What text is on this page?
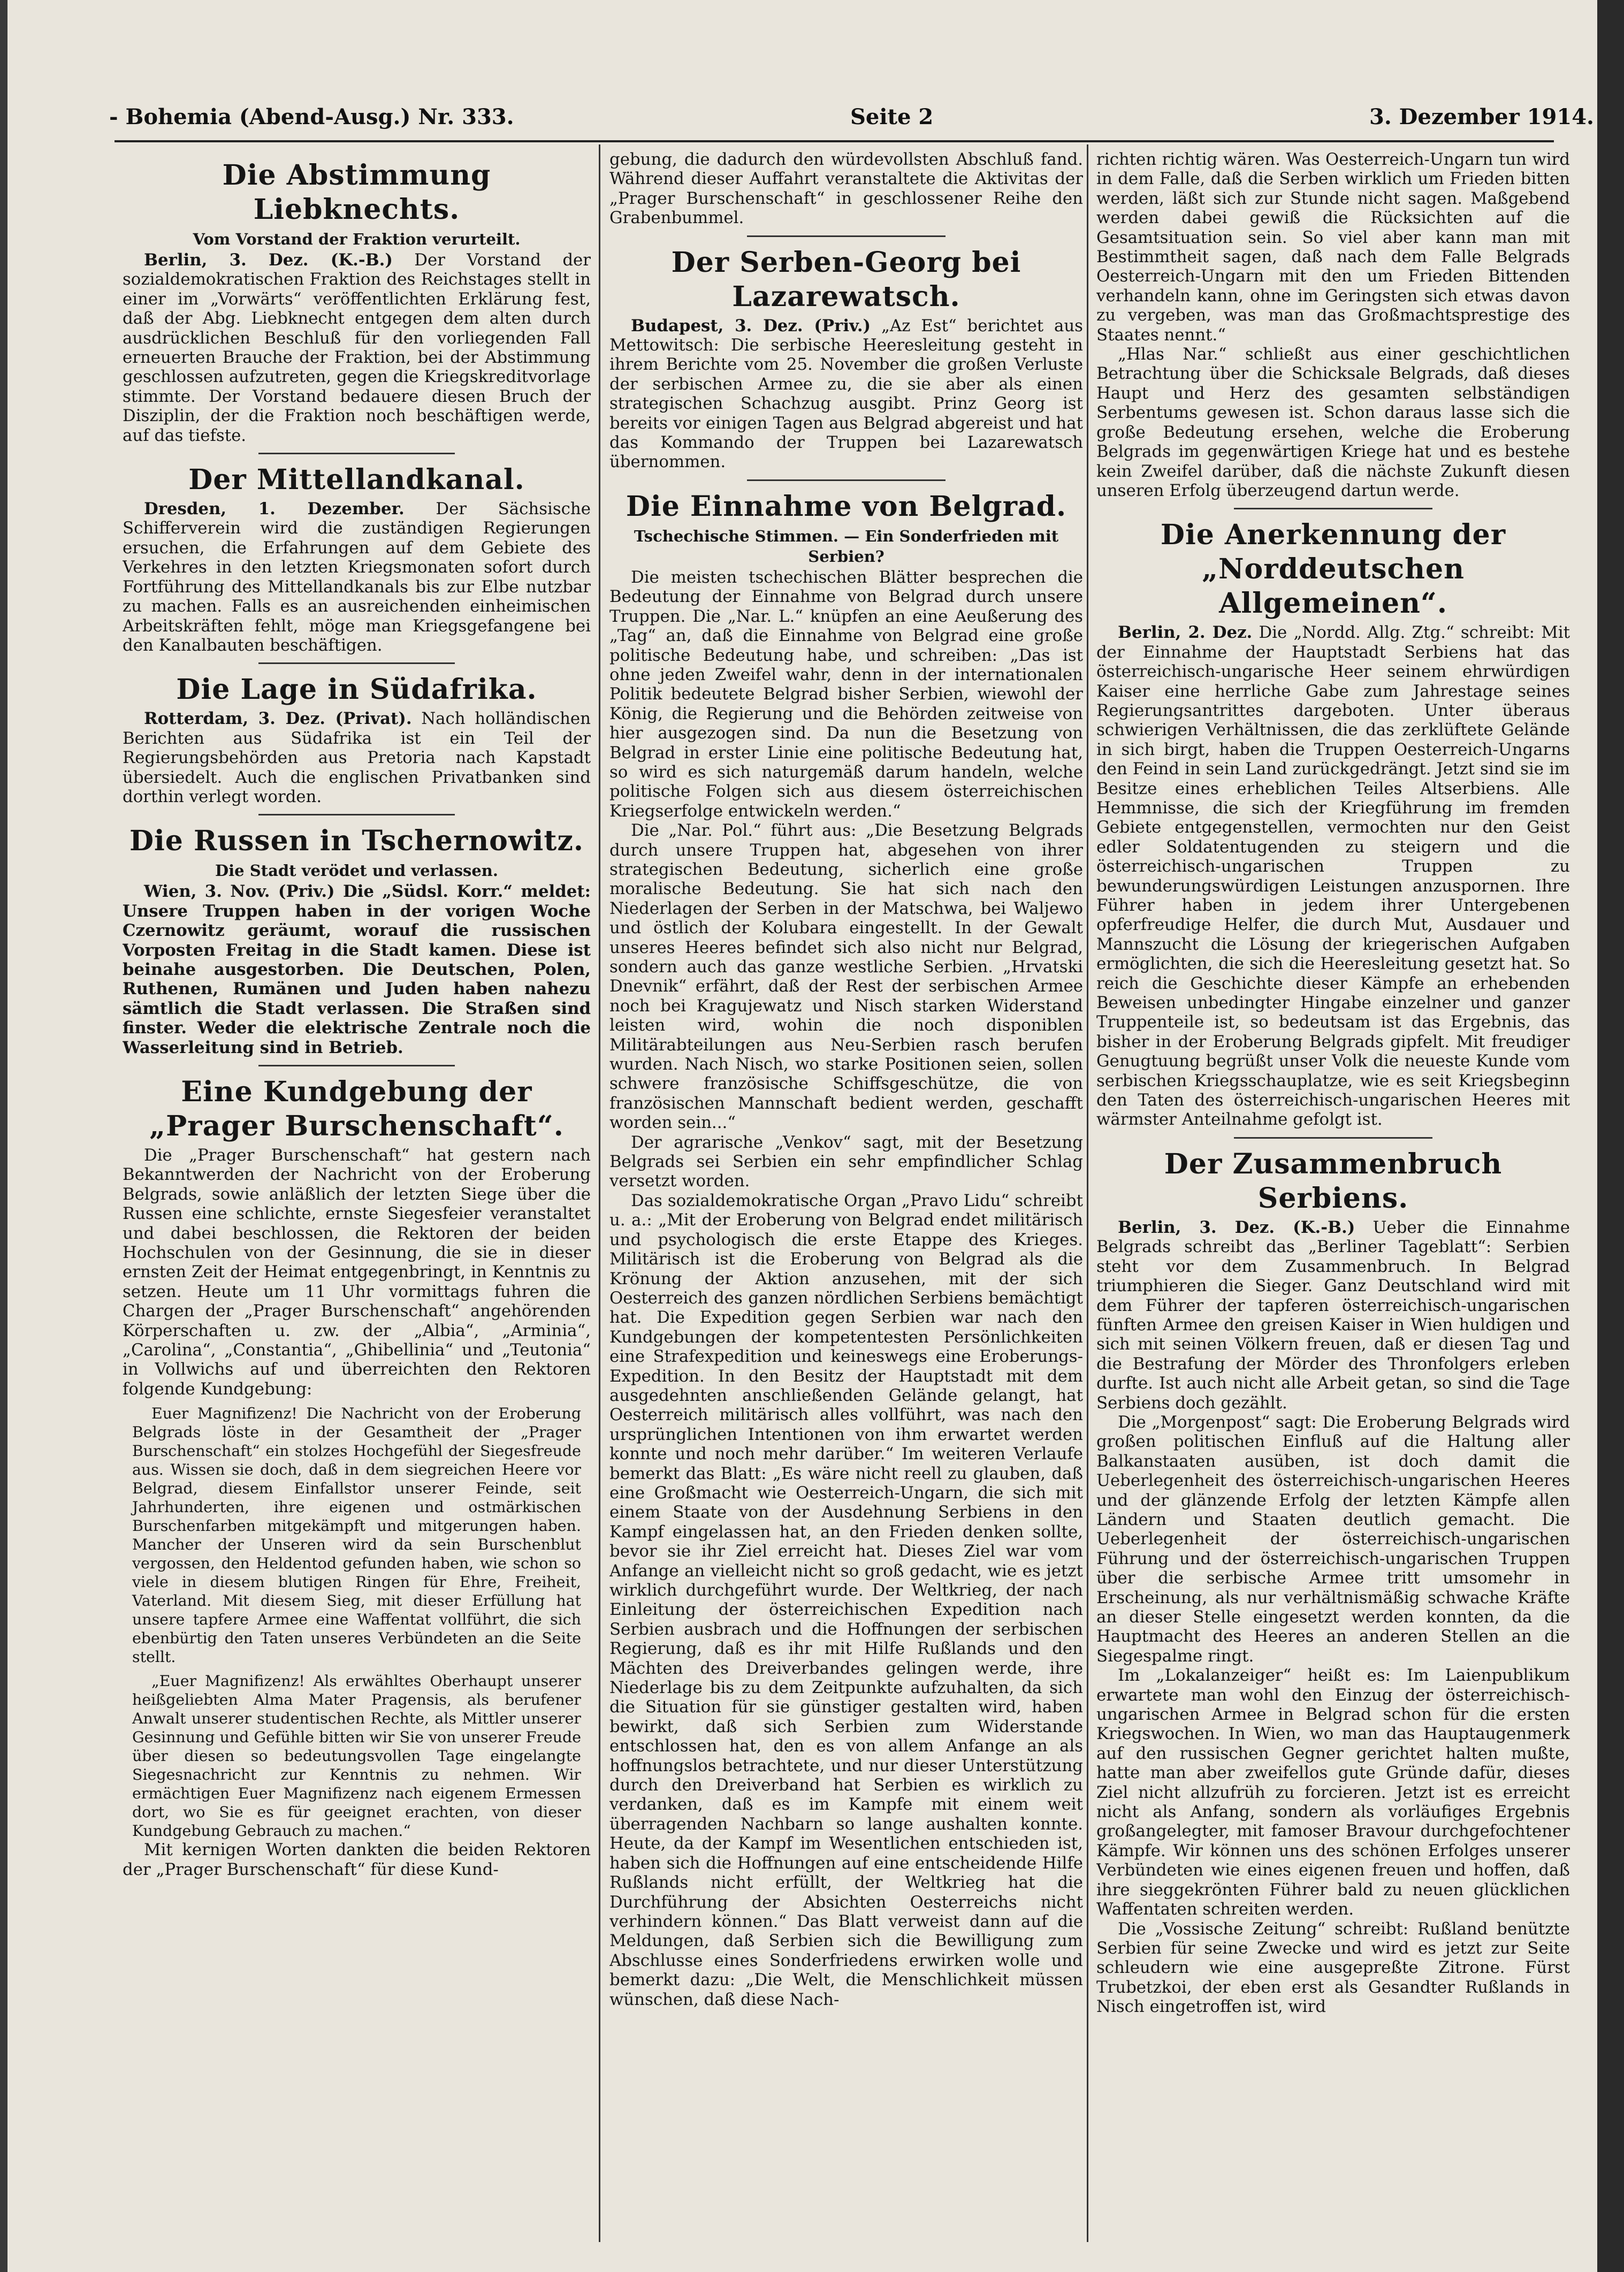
- Bohemia (Abend-Ausg.) Nr. 333.	Seite 2	3. Dezember 1914.
Die Abstimmung Liebknechts.
Vom Vorstand der Fraktion verurteilt.

Berlin, 3. Dez. (K.-B.) Der Vorstand der sozialdemokratischen Fraktion des Reichstages stellt in einer im „Vorwärts“ veröffentlichten Erklärung fest, daß der Abg. Liebknecht entgegen dem alten durch ausdrücklichen Beschluß für den vorliegenden Fall erneuerten Brauche der Fraktion, bei der Abstimmung geschlossen aufzutreten, gegen die Kriegskreditvorlage stimmte. Der Vorstand bedauere diesen Bruch der Disziplin, der die Fraktion noch beschäftigen werde, auf das tiefste.

Der Mittellandkanal.

Dresden, 1. Dezember. Der Sächsische Schifferverein wird die zuständigen Regierungen ersuchen, die Erfahrungen auf dem Gebiete des Verkehres in den letzten Kriegsmonaten sofort durch Fortführung des Mittellandkanals bis zur Elbe nutzbar zu machen. Falls es an ausreichenden einheimischen Arbeitskräften fehlt, möge man Kriegsgefangene bei den Kanalbauten beschäftigen.

Die Lage in Südafrika.

Rotterdam, 3. Dez. (Privat). Nach holländischen Berichten aus Südafrika ist ein Teil der Regierungsbehörden aus Pretoria nach Kapstadt übersiedelt. Auch die englischen Privatbanken sind dorthin verlegt worden.

Die Russen in Tschernowitz.
Die Stadt verödet und verlassen.

Wien, 3. Nov. (Priv.) Die „Südsl. Korr.“ meldet: Unsere Truppen haben in der vorigen Woche Czernowitz geräumt, worauf die russischen Vorposten Freitag in die Stadt kamen. Diese ist beinahe ausgestorben. Die Deutschen, Polen, Ruthenen, Rumänen und Juden haben nahezu sämtlich die Stadt verlassen. Die Straßen sind finster. Weder die elektrische Zentrale noch die Wasserleitung sind in Betrieb.

Eine Kundgebung der „Prager Burschenschaft“.

Die „Prager Burschenschaft“ hat gestern nach Bekanntwerden der Nachricht von der Eroberung Belgrads, sowie anläßlich der letzten Siege über die Russen eine schlichte, ernste Siegesfeier veranstaltet und dabei beschlossen, die Rektoren der beiden Hochschulen von der Gesinnung, die sie in dieser ernsten Zeit der Heimat entgegenbringt, in Kenntnis zu setzen. Heute um 11 Uhr vormittags fuhren die Chargen der „Prager Burschenschaft“ angehörenden Körperschaften u. zw. der „Albia“, „Arminia“, „Carolina“, „Constantia“, „Ghibellinia“ und „Teutonia“ in Vollwichs auf und überreichten den Rektoren folgende Kundgebung:

Euer Magnifizenz! Die Nachricht von der Eroberung Belgrads löste in der Gesamtheit der „Prager Burschenschaft“ ein stolzes Hochgefühl der Siegesfreude aus. Wissen sie doch, daß in dem siegreichen Heere vor Belgrad, diesem Einfallstor unserer Feinde, seit Jahrhunderten, ihre eigenen und ostmärkischen Burschenfarben mitgekämpft und mitgerungen haben. Mancher der Unseren wird da sein Burschenblut vergossen, den Heldentod gefunden haben, wie schon so viele in diesem blutigen Ringen für Ehre, Freiheit, Vaterland. Mit diesem Sieg, mit dieser Erfüllung hat unsere tapfere Armee eine Waffentat vollführt, die sich ebenbürtig den Taten unseres Verbündeten an die Seite stellt.

„Euer Magnifizenz! Als erwähltes Oberhaupt unserer heißgeliebten Alma Mater Pragensis, als berufener Anwalt unserer studentischen Rechte, als Mittler unserer Gesinnung und Gefühle bitten wir Sie von unserer Freude über diesen so bedeutungsvollen Tage eingelangte Siegesnachricht zur Kenntnis zu nehmen. Wir ermächtigen Euer Magnifizenz nach eigenem Ermessen dort, wo Sie es für geeignet erachten, von dieser Kundgebung Gebrauch zu machen.“

Mit kernigen Worten dankten die beiden Rektoren der „Prager Burschenschaft“ für diese Kund-

gebung, die dadurch den würdevollsten Abschluß fand. Während dieser Auffahrt veranstaltete die Aktivitas der „Prager Burschenschaft“ in geschlossener Reihe den Grabenbummel.

Der Serben-Georg bei Lazarewatsch.

Budapest, 3. Dez. (Priv.) „Az Est“ berichtet aus Mettowitsch: Die serbische Heeresleitung gesteht in ihrem Berichte vom 25. November die großen Verluste der serbischen Armee zu, die sie aber als einen strategischen Schachzug ausgibt. Prinz Georg ist bereits vor einigen Tagen aus Belgrad abgereist und hat das Kommando der Truppen bei Lazarewatsch übernommen.

Die Einnahme von Belgrad.
Tschechische Stimmen. — Ein Sonderfrieden mit Serbien?

Die meisten tschechischen Blätter besprechen die Bedeutung der Einnahme von Belgrad durch unsere Truppen. Die „Nar. L.“ knüpfen an eine Aeußerung des „Tag“ an, daß die Einnahme von Belgrad eine große politische Bedeutung habe, und schreiben: „Das ist ohne jeden Zweifel wahr, denn in der internationalen Politik bedeutete Belgrad bisher Serbien, wiewohl der König, die Regierung und die Behörden zeitweise von hier ausgezogen sind. Da nun die Besetzung von Belgrad in erster Linie eine politische Bedeutung hat, so wird es sich naturgemäß darum handeln, welche politische Folgen sich aus diesem österreichischen Kriegserfolge entwickeln werden.“

Die „Nar. Pol.“ führt aus: „Die Besetzung Belgrads durch unsere Truppen hat, abgesehen von ihrer strategischen Bedeutung, sicherlich eine große moralische Bedeutung. Sie hat sich nach den Niederlagen der Serben in der Matschwa, bei Waljewo und östlich der Kolubara eingestellt. In der Gewalt unseres Heeres befindet sich also nicht nur Belgrad, sondern auch das ganze westliche Serbien. „Hrvatski Dnevnik“ erfährt, daß der Rest der serbischen Armee noch bei Kragujewatz und Nisch starken Widerstand leisten wird, wohin die noch disponiblen Militärabteilungen aus Neu-Serbien rasch berufen wurden. Nach Nisch, wo starke Positionen seien, sollen schwere französische Schiffsgeschütze, die von französischen Mannschaft bedient werden, geschafft worden sein...“

Der agrarische „Venkov“ sagt, mit der Besetzung Belgrads sei Serbien ein sehr empfindlicher Schlag versetzt worden.

Das sozialdemokratische Organ „Pravo Lidu“ schreibt u. a.: „Mit der Eroberung von Belgrad endet militärisch und psychologisch die erste Etappe des Krieges. Militärisch ist die Eroberung von Belgrad als die Krönung der Aktion anzusehen, mit der sich Oesterreich des ganzen nördlichen Serbiens bemächtigt hat. Die Expedition gegen Serbien war nach den Kundgebungen der kompetentesten Persönlichkeiten eine Strafexpedition und keineswegs eine Eroberungs-Expedition. In den Besitz der Hauptstadt mit dem ausgedehnten anschließenden Gelände gelangt, hat Oesterreich militärisch alles vollführt, was nach den ursprünglichen Intentionen von ihm erwartet werden konnte und noch mehr darüber.“ Im weiteren Verlaufe bemerkt das Blatt: „Es wäre nicht reell zu glauben, daß eine Großmacht wie Oesterreich-Ungarn, die sich mit einem Staate von der Ausdehnung Serbiens in den Kampf eingelassen hat, an den Frieden denken sollte, bevor sie ihr Ziel erreicht hat. Dieses Ziel war vom Anfange an vielleicht nicht so groß gedacht, wie es jetzt wirklich durchgeführt wurde. Der Weltkrieg, der nach Einleitung der österreichischen Expedition nach Serbien ausbrach und die Hoffnungen der serbischen Regierung, daß es ihr mit Hilfe Rußlands und den Mächten des Dreiverbandes gelingen werde, ihre Niederlage bis zu dem Zeitpunkte aufzuhalten, da sich die Situation für sie günstiger gestalten wird, haben bewirkt, daß sich Serbien zum Widerstande entschlossen hat, den es von allem Anfange an als hoffnungslos betrachtete, und nur dieser Unterstützung durch den Dreiverband hat Serbien es wirklich zu verdanken, daß es im Kampfe mit einem weit überragenden Nachbarn so lange aushalten konnte. Heute, da der Kampf im Wesentlichen entschieden ist, haben sich die Hoffnungen auf eine entscheidende Hilfe Rußlands nicht erfüllt, der Weltkrieg hat die Durchführung der Absichten Oesterreichs nicht verhindern können.“ Das Blatt verweist dann auf die Meldungen, daß Serbien sich die Bewilligung zum Abschlusse eines Sonderfriedens erwirken wolle und bemerkt dazu: „Die Welt, die Menschlichkeit müssen wünschen, daß diese Nach-

richten richtig wären. Was Oesterreich-Ungarn tun wird in dem Falle, daß die Serben wirklich um Frieden bitten werden, läßt sich zur Stunde nicht sagen. Maßgebend werden dabei gewiß die Rücksichten auf die Gesamtsituation sein. So viel aber kann man mit Bestimmtheit sagen, daß nach dem Falle Belgrads Oesterreich-Ungarn mit den um Frieden Bittenden verhandeln kann, ohne im Geringsten sich etwas davon zu vergeben, was man das Großmachtsprestige des Staates nennt.“

„Hlas Nar.“ schließt aus einer geschichtlichen Betrachtung über die Schicksale Belgrads, daß dieses Haupt und Herz des gesamten selbständigen Serbentums gewesen ist. Schon daraus lasse sich die große Bedeutung ersehen, welche die Eroberung Belgrads im gegenwärtigen Kriege hat und es bestehe kein Zweifel darüber, daß die nächste Zukunft diesen unseren Erfolg überzeugend dartun werde.

Die Anerkennung der „Norddeutschen Allgemeinen“.

Berlin, 2. Dez. Die „Nordd. Allg. Ztg.“ schreibt: Mit der Einnahme der Hauptstadt Serbiens hat das österreichisch-ungarische Heer seinem ehrwürdigen Kaiser eine herrliche Gabe zum Jahrestage seines Regierungsantrittes dargeboten. Unter überaus schwierigen Verhältnissen, die das zerklüftete Gelände in sich birgt, haben die Truppen Oesterreich-Ungarns den Feind in sein Land zurückgedrängt. Jetzt sind sie im Besitze eines erheblichen Teiles Altserbiens. Alle Hemmnisse, die sich der Kriegführung im fremden Gebiete entgegenstellen, vermochten nur den Geist edler Soldatentugenden zu steigern und die österreichisch-ungarischen Truppen zu bewunderungswürdigen Leistungen anzuspornen. Ihre Führer haben in jedem ihrer Untergebenen opferfreudige Helfer, die durch Mut, Ausdauer und Mannszucht die Lösung der kriegerischen Aufgaben ermöglichten, die sich die Heeresleitung gesetzt hat. So reich die Geschichte dieser Kämpfe an erhebenden Beweisen unbedingter Hingabe einzelner und ganzer Truppenteile ist, so bedeutsam ist das Ergebnis, das bisher in der Eroberung Belgrads gipfelt. Mit freudiger Genugtuung begrüßt unser Volk die neueste Kunde vom serbischen Kriegsschauplatze, wie es seit Kriegsbeginn den Taten des österreichisch-ungarischen Heeres mit wärmster Anteilnahme gefolgt ist.

Der Zusammenbruch Serbiens.

Berlin, 3. Dez. (K.-B.) Ueber die Einnahme Belgrads schreibt das „Berliner Tageblatt“: Serbien steht vor dem Zusammenbruch. In Belgrad triumphieren die Sieger. Ganz Deutschland wird mit dem Führer der tapferen österreichisch-ungarischen fünften Armee den greisen Kaiser in Wien huldigen und sich mit seinen Völkern freuen, daß er diesen Tag und die Bestrafung der Mörder des Thronfolgers erleben durfte. Ist auch nicht alle Arbeit getan, so sind die Tage Serbiens doch gezählt.

Die „Morgenpost“ sagt: Die Eroberung Belgrads wird großen politischen Einfluß auf die Haltung aller Balkanstaaten ausüben, ist doch damit die Ueberlegenheit des österreichisch-ungarischen Heeres und der glänzende Erfolg der letzten Kämpfe allen Ländern und Staaten deutlich gemacht. Die Ueberlegenheit der österreichisch-ungarischen Führung und der österreichisch-ungarischen Truppen über die serbische Armee tritt umsomehr in Erscheinung, als nur verhältnismäßig schwache Kräfte an dieser Stelle eingesetzt werden konnten, da die Hauptmacht des Heeres an anderen Stellen an die Siegespalme ringt.

Im „Lokalanzeiger“ heißt es: Im Laienpublikum erwartete man wohl den Einzug der österreichisch-ungarischen Armee in Belgrad schon für die ersten Kriegswochen. In Wien, wo man das Hauptaugenmerk auf den russischen Gegner gerichtet halten mußte, hatte man aber zweifellos gute Gründe dafür, dieses Ziel nicht allzufrüh zu forcieren. Jetzt ist es erreicht nicht als Anfang, sondern als vorläufiges Ergebnis großangelegter, mit famoser Bravour durchgefochtener Kämpfe. Wir können uns des schönen Erfolges unserer Verbündeten wie eines eigenen freuen und hoffen, daß ihre sieggekrönten Führer bald zu neuen glücklichen Waffentaten schreiten werden.

Die „Vossische Zeitung“ schreibt: Rußland benützte Serbien für seine Zwecke und wird es jetzt zur Seite schleudern wie eine ausgepreßte Zitrone. Fürst Trubetzkoi, der eben erst als Gesandter Rußlands in Nisch eingetroffen ist, wird
